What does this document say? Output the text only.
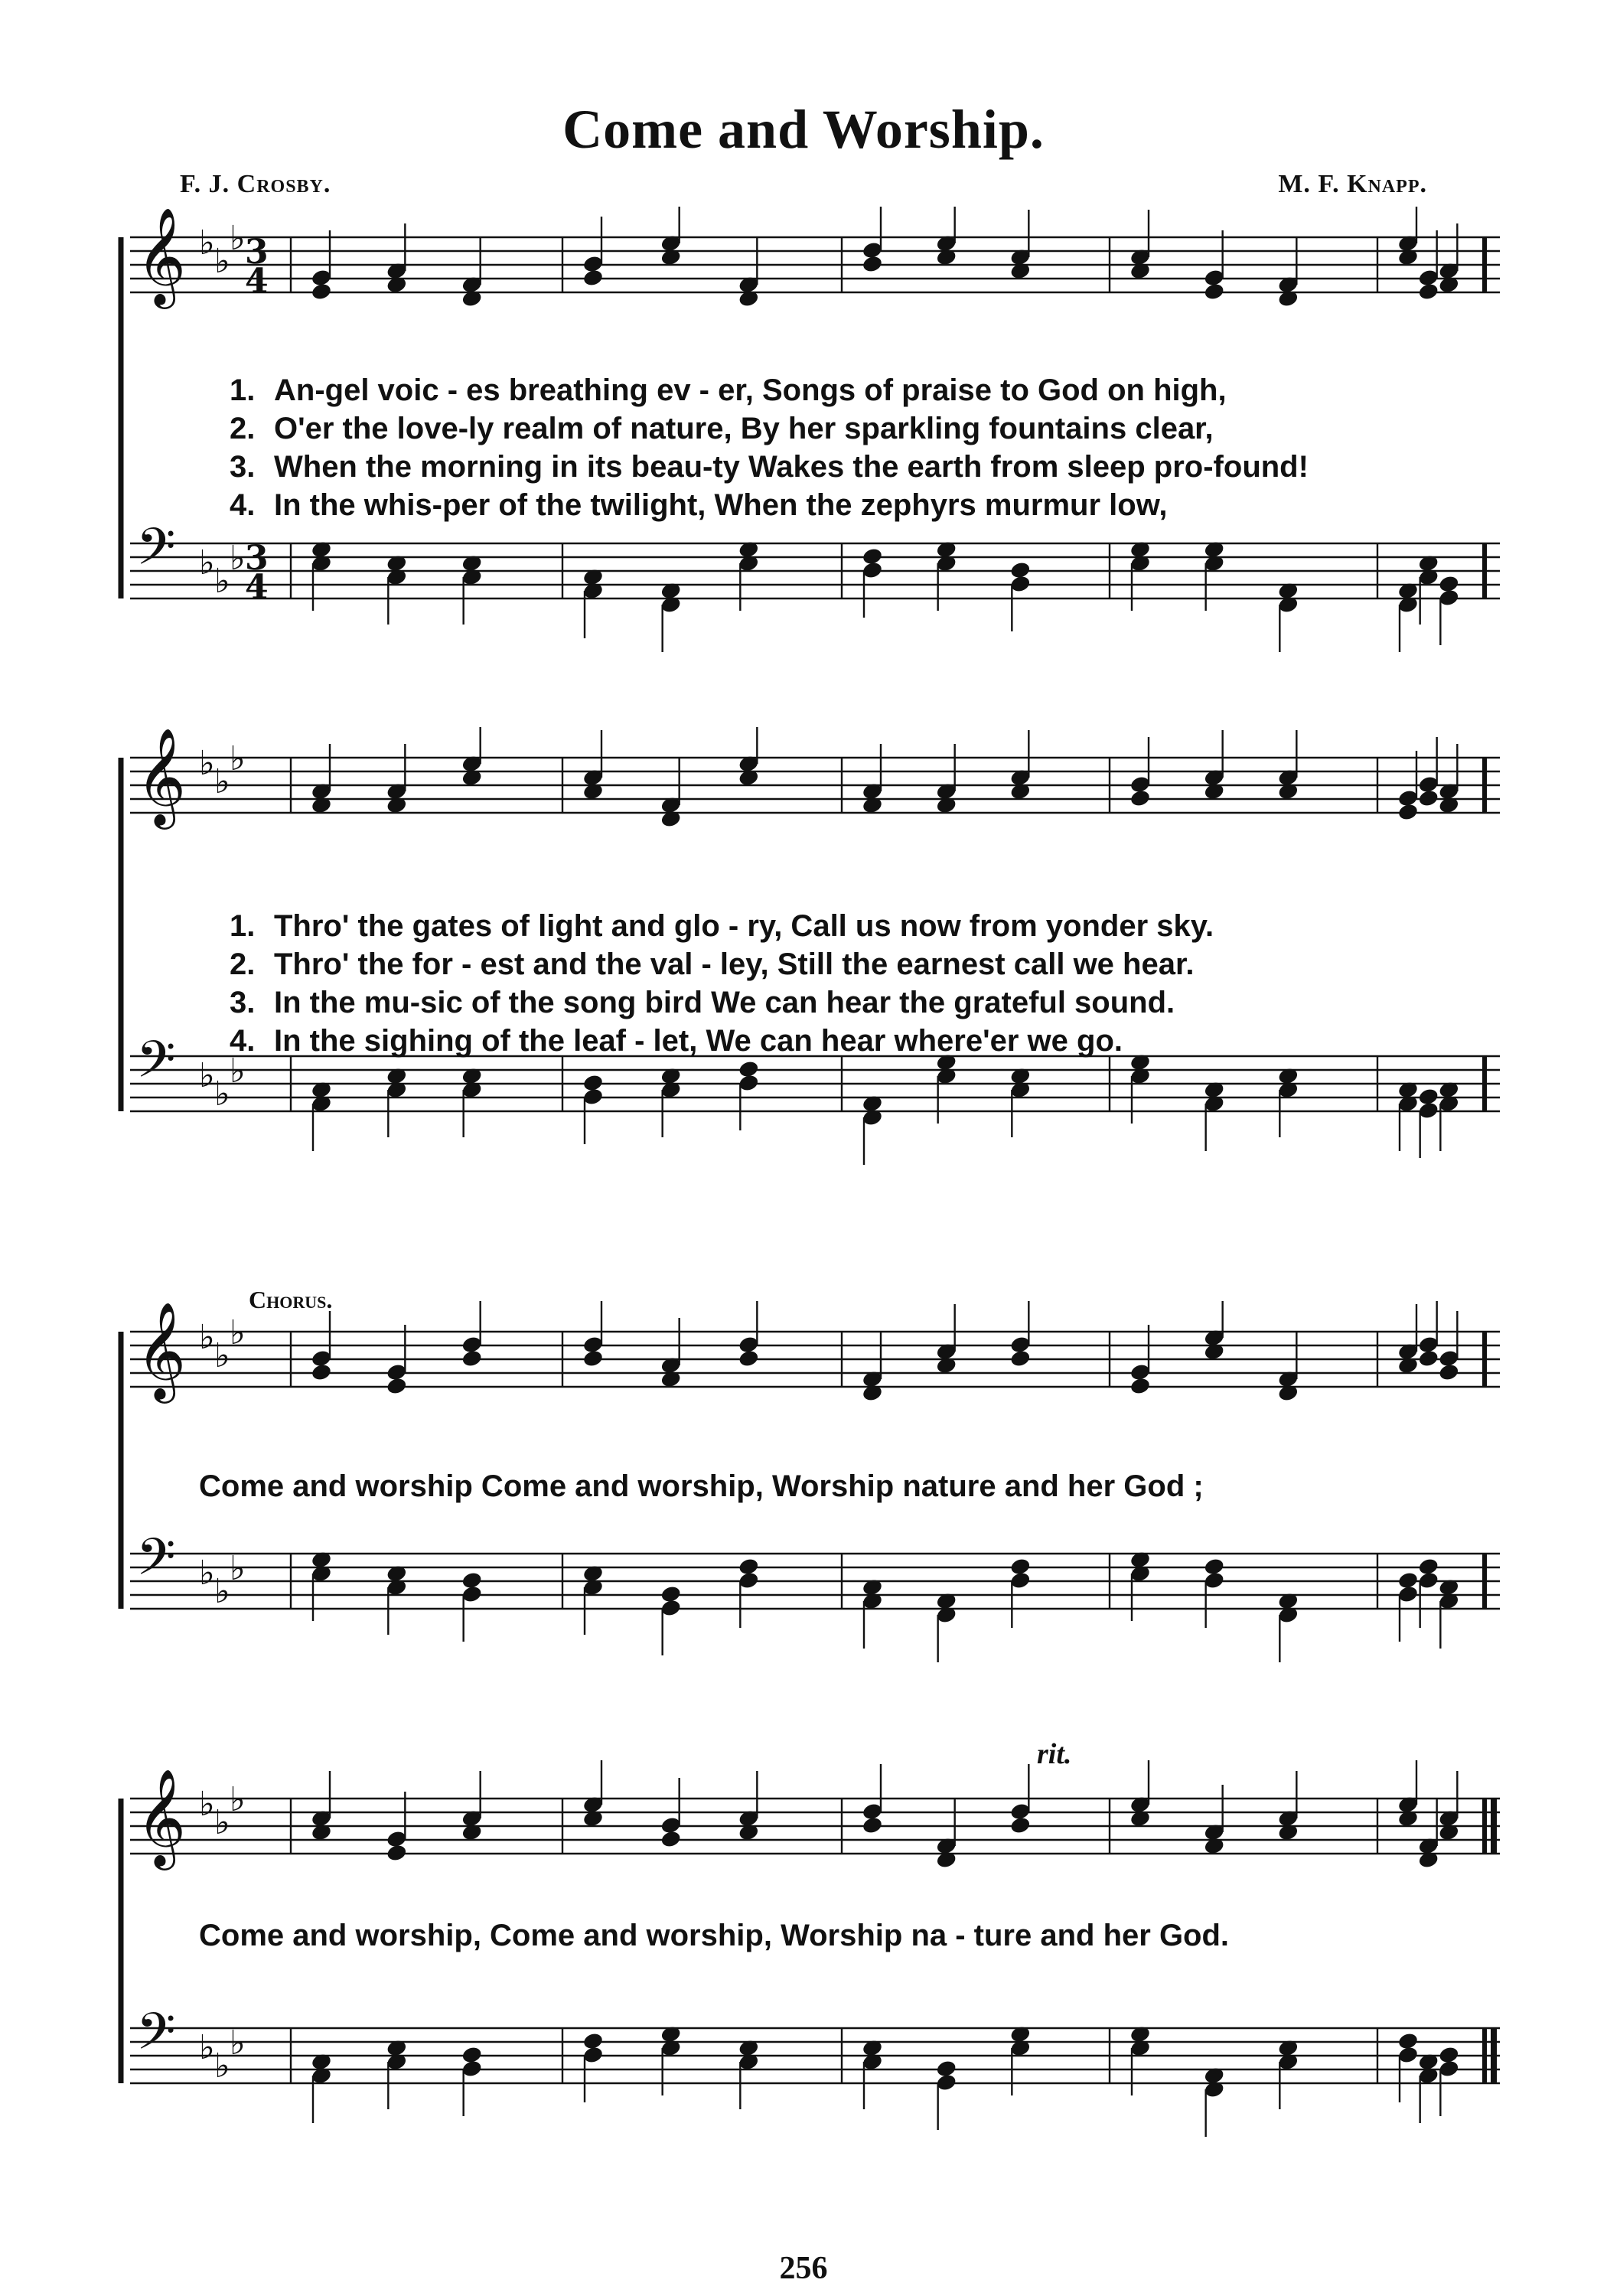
Come and Worship.
F. J. Crosby.	M. F. Knapp.
𝄞 ♭ ♭
♭ 3
4
𝄢 ♭ ♭
♭ 3
4
1. An-gel voic - es breathing ev - er, Songs of praise to God on high,
2. O'er the love-ly realm of nature, By her sparkling fountains clear,
3. When the morning in its beau-ty Wakes the earth from sleep pro-found!
4. In the whis-per of the twilight, When the zephyrs murmur low,
𝄞 ♭ ♭
♭
𝄢 ♭ ♭
♭
1. Thro' the gates of light and glo - ry, Call us now from yonder sky.
2. Thro' the for - est and the val - ley, Still the earnest call we hear.
3. In the mu-sic of the song bird We can hear the grateful sound.
4. In the sighing of the leaf - let, We can hear where'er we go.
Chorus.
𝄞 ♭ ♭
♭
𝄢 ♭ ♭
♭
Come and worship Come and worship, Worship nature and her God ;
rit.
𝄞 ♭ ♭
♭
𝄢 ♭ ♭
♭
Come and worship, Come and worship, Worship na - ture and her God.
256
